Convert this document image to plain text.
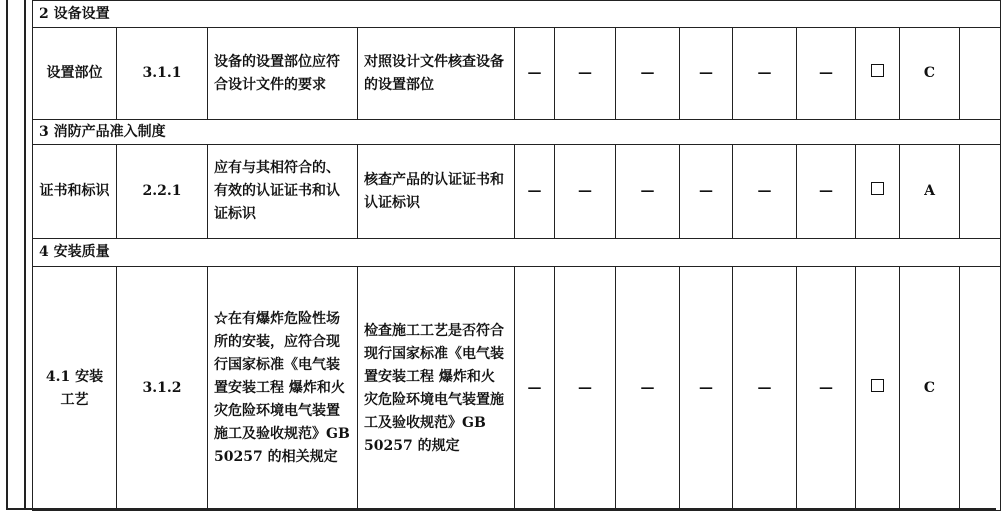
2 设备设置												
设置部位	3.1.1	设备的设置部位应符合设计文件的要求	对照设计文件核查设备的设置部位	—	—	—	—	—	—		C	
3 消防产品准入制度												
证书和标识	2.2.1	应有与其相符合的、有效的认证证书和认证标识	核查产品的认证证书和认证标识	—	—	—	—	—	—		A	
4 安装质量												
4.1 安装工艺	3.1.2	☆在有爆炸危险性场所的安装，应符合现行国家标准《电气装置安装工程 爆炸和火灾危险环境电气装置施工及验收规范》GB 50257 的相关规定	检查施工工艺是否符合现行国家标准《电气装置安装工程 爆炸和火灾危险环境电气装置施工及验收规范》GB 50257 的规定	—	—	—	—	—	—		C	
